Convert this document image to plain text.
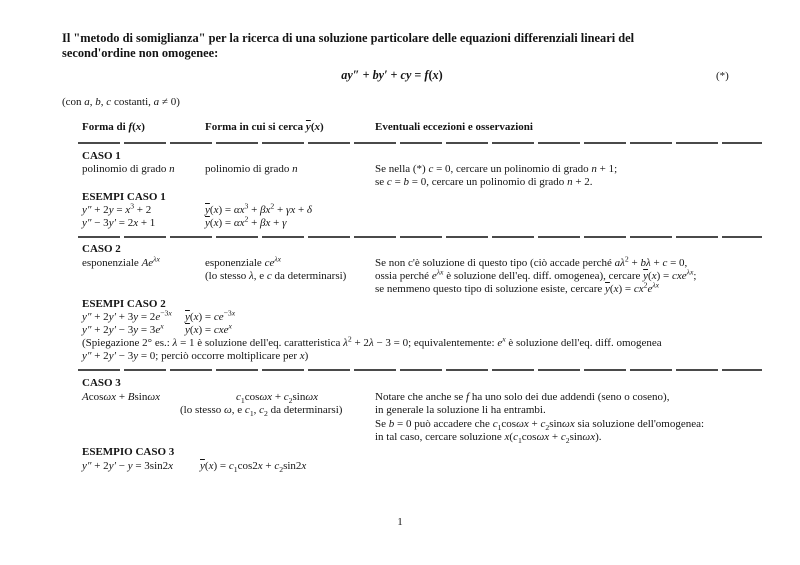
Il "metodo di somiglianza" per la ricerca di una soluzione particolare delle equazioni differenziali lineari del
second'ordine non omogenee:
ay″ + by′ + cy = f(x)	(*)
(con a, b, c costanti, a ≠ 0)
Forma di f(x)	Forma in cui si cerca $\overline{y}(x)$	Eventuali eccezioni e osservazioni
CASO 1
polinomio di grado n	polinomio di grado n	Se nella (*) c = 0, cercare un polinomio di grado n + 1;
se c = b = 0, cercare un polinomio di grado n + 2.
ESEMPI CASO 1
$y'' + 2y = x^3 + 2$	$\overline{y}(x) = \alpha x^3 + \beta x^2 + \gamma x + \delta$
y″ − 3y′ = 2x + 1	$\overline{y}(x) = \alpha x^2 + \beta x + \gamma$
CASO 2
esponenziale $Ae^{\lambda x}$	esponenziale $ce^{\lambda x}$
(lo stesso λ, e c da determinarsi)
Se non c'è soluzione di questo tipo (ciò accade perché $a\lambda^2 + b\lambda + c = 0$,
ossia perché $e^{\lambda x}$ è soluzione dell'eq. diff. omogenea), cercare $\overline{y}(x) = cxe^{\lambda x}$;
se nemmeno questo tipo di soluzione esiste, cercare $\overline{y}(x) = cx^2e^{\lambda x}$
ESEMPI CASO 2
$y'' + 2y' + 3y = 2e^{-3x}$ $\overline{y}(x) = ce^{-3x}$
$y'' + 2y' - 3y = 3e^x$ $\overline{y}(x) = cxe^x$
(Spiegazione 2° es.: λ = 1 è soluzione dell'eq. caratteristica $\lambda^2 + 2\lambda - 3 = 0$; equivalentemente: $e^x$ è soluzione dell'eq. diff. omogenea
y″ + 2y′ − 3y = 0; perciò occorre moltiplicare per x)
CASO 3
Acosωx + Bsinωx	$c_1\cos\omega x + c_2\sin\omega x$
(lo stesso ω, e $c_1$, $c_2$ da determinarsi)
Notare che anche se f ha uno solo dei due addendi (seno o coseno),
in generale la soluzione li ha entrambi.
Se b = 0 può accadere che $c_1\cos\omega x + c_2\sin\omega x$ sia soluzione dell'omogenea:
in tal caso, cercare soluzione $x(c_1\cos\omega x + c_2\sin\omega x)$.
ESEMPIO CASO 3
y″ + 2y′ − y = 3sin2x $\overline{y}(x) = c_1\cos 2x + c_2\sin 2x$
1
